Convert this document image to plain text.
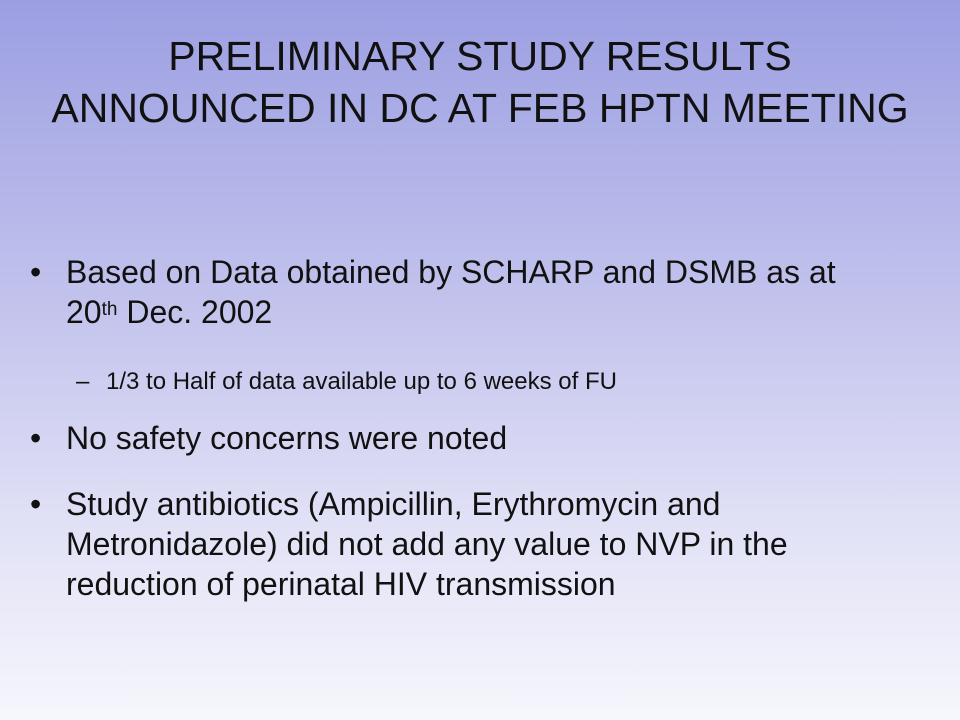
PRELIMINARY STUDY RESULTS ANNOUNCED IN DC AT FEB HPTN MEETING
• Based on Data obtained by SCHARP and DSMB as at 20th Dec. 2002
– 1/3 to Half of data available up to 6 weeks of FU
• No safety concerns were noted
• Study antibiotics (Ampicillin, Erythromycin and Metronidazole) did not add any value to NVP in the reduction of perinatal HIV transmission
